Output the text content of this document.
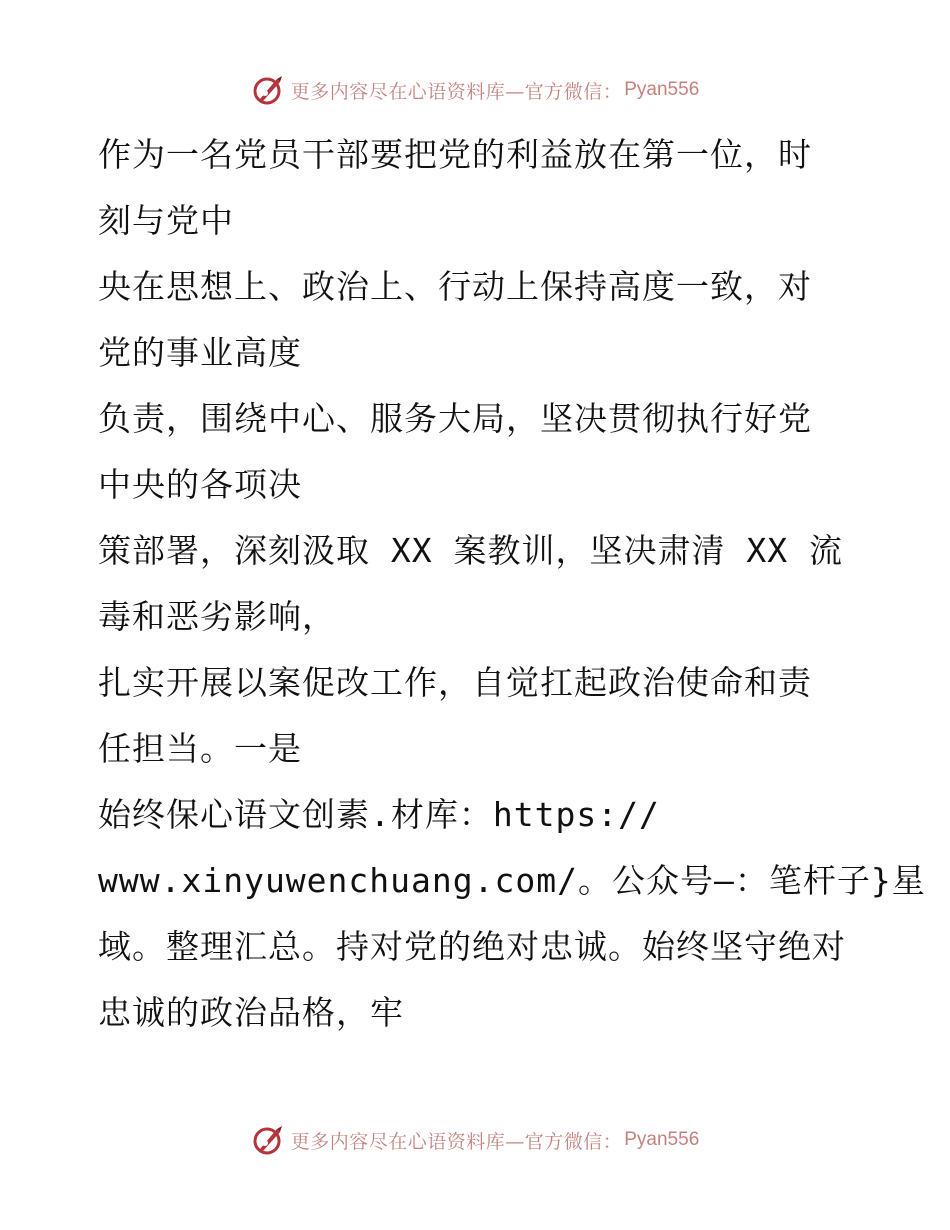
更多内容尽在心语资料库—官方微信： Pyan556
作为一名党员干部要把党的利益放在第一位，时
刻与党中
央在思想上、政治上、行动上保持高度一致，对
党的事业高度
负责，围绕中心、服务大局，坚决贯彻执行好党
中央的各项决
策部署，深刻汲取 XX 案教训，坚决肃清 XX 流
毒和恶劣影响，
扎实开展以案促改工作，自觉扛起政治使命和责
任担当。一是
始终保心语文创素.材库：https://
www.xinyuwenchuang.com/。公众号—：笔杆子}星
域。整理汇总。持对党的绝对忠诚。始终坚守绝对
忠诚的政治品格，牢
更多内容尽在心语资料库—官方微信： Pyan556
